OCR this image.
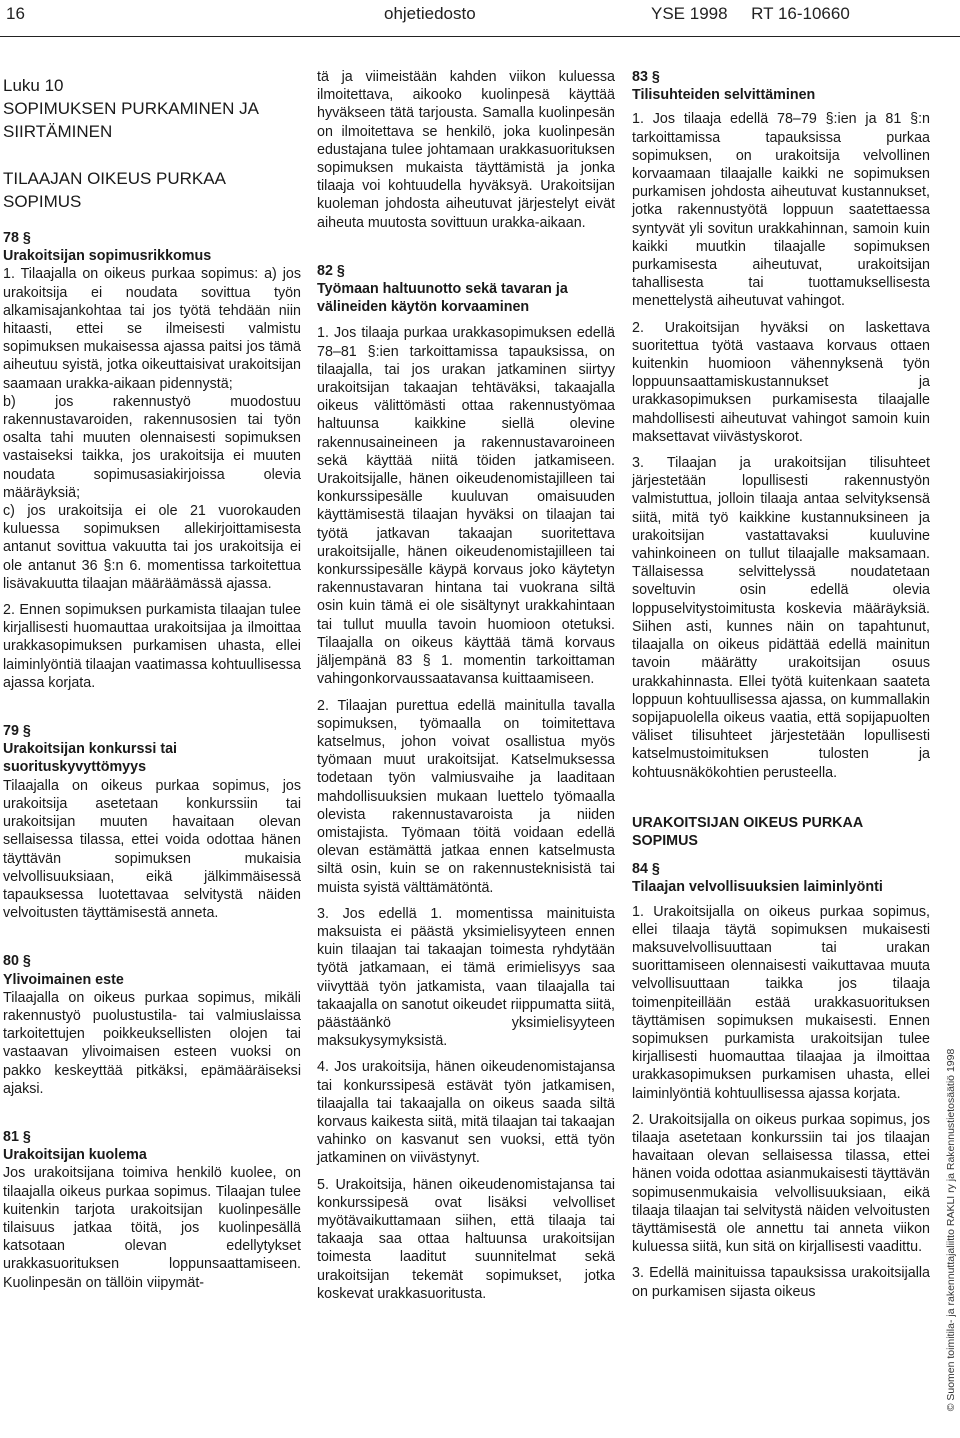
16	ohjetiedosto	YSE 1998     RT 16-10660
Luku 10
SOPIMUKSEN PURKAMINEN JA SIIRTÄMINEN
TILAAJAN OIKEUS PURKAA SOPIMUS
78 §
Urakoitsijan sopimusrikkomus

1. Tilaajalla on oikeus purkaa sopimus: a) jos urakoitsija ei noudata sovittua työn alkamisajankohtaa tai jos työtä tehdään niin hitaasti, ettei se ilmeisesti valmistu sopimuksen mukaisessa ajassa paitsi jos tämä aiheutuu syistä, jotka oikeuttaisivat urakoitsijan saamaan urakka-aikaan pidennystä;

b) jos rakennustyö muodostuu rakennustavaroiden, rakennusosien tai työn osalta tahi muuten olennaisesti sopimuksen vastaiseksi taikka, jos urakoitsija ei muuten noudata sopimusasiakirjoissa olevia määräyksiä;

c) jos urakoitsija ei ole 21 vuorokauden kuluessa sopimuksen allekirjoittamisesta antanut sovittua vakuutta tai jos urakoitsija ei ole antanut 36 §:n 6. momentissa tarkoitettua lisävakuutta tilaajan määräämässä ajassa.

2. Ennen sopimuksen purkamista tilaajan tulee kirjallisesti huomauttaa urakoitsijaa ja ilmoittaa urakkasopimuksen purkamisen uhasta, ellei laiminlyöntiä tilaajan vaatimassa kohtuullisessa ajassa korjata.

79 §
Urakoitsijan konkurssi tai suorituskyvyttömyys

Tilaajalla on oikeus purkaa sopimus, jos urakoitsija asetetaan konkurssiin tai urakoitsijan muuten havaitaan olevan sellaisessa tilassa, ettei voida odottaa hänen täyttävän sopimuksen mukaisia velvollisuuksiaan, eikä jälkimmäisessä tapauksessa luotettavaa selvitystä näiden velvoitusten täyttämisestä anneta.

80 §
Ylivoimainen este

Tilaajalla on oikeus purkaa sopimus, mikäli rakennustyö puolustustila- tai valmiuslaissa tarkoitettujen poikkeuksellisten olojen tai vastaavan ylivoimaisen esteen vuoksi on pakko keskeyttää pitkäksi, epämääräiseksi ajaksi.

81 §
Urakoitsijan kuolema

Jos urakoitsijana toimiva henkilö kuolee, on tilaajalla oikeus purkaa sopimus. Tilaajan tulee kuitenkin tarjota urakoitsijan kuolinpesälle tilaisuus jatkaa töitä, jos kuolinpesällä katsotaan olevan edellytykset urakkasuorituksen loppunsaattamiseen. Kuolinpesän on tällöin viipymät-

tä ja viimeistään kahden viikon kuluessa ilmoitettava, aikooko kuolinpesä käyttää hyväkseen tätä tarjousta. Samalla kuolinpesän on ilmoitettava se henkilö, joka kuolinpesän edustajana tulee johtamaan urakkasuorituksen sopimuksen mukaista täyttämistä ja jonka tilaaja voi kohtuudella hyväksyä. Urakoitsijan kuoleman johdosta aiheutuvat järjestelyt eivät aiheuta muutosta sovittuun urakka-aikaan.

82 §
Työmaan haltuunotto sekä tavaran ja välineiden käytön korvaaminen

1. Jos tilaaja purkaa urakkasopimuksen edellä 78–81 §:ien tarkoittamissa tapauksissa, on tilaajalla, tai jos urakan jatkaminen siirtyy urakoitsijan takaajan tehtäväksi, takaajalla oikeus välittömästi ottaa rakennustyömaa haltuunsa kaikkine siellä olevine rakennusaineineen ja rakennustavaroineen sekä käyttää niitä töiden jatkamiseen. Urakoitsijalle, hänen oikeudenomistajilleen tai konkurssipesälle kuuluvan omaisuuden käyttämisestä tilaajan hyväksi on tilaajan tai työtä jatkavan takaajan suoritettava urakoitsijalle, hänen oikeudenomistajilleen tai konkurssipesälle käypä korvaus joko käytetyn rakennustavaran hintana tai vuokrana siltä osin kuin tämä ei ole sisältynyt urakkahintaan tai tullut muulla tavoin huomioon otetuksi. Tilaajalla on oikeus käyttää tämä korvaus jäljempänä 83 § 1. momentin tarkoittaman vahingonkorvaussaatavansa kuittaamiseen.

2. Tilaajan purettua edellä mainitulla tavalla sopimuksen, työmaalla on toimitettava katselmus, johon voivat osallistua myös työmaan muut urakoitsijat. Katselmuksessa todetaan työn valmiusvaihe ja laaditaan mahdollisuuksien mukaan luettelo työmaalla olevista rakennustavaroista ja niiden omistajista. Työmaan töitä voidaan edellä olevan estämättä jatkaa ennen katselmusta siltä osin, kuin se on rakennusteknisistä tai muista syistä välttämätöntä.

3. Jos edellä 1. momentissa mainituista maksuista ei päästä yksimielisyyteen ennen kuin tilaajan tai takaajan toimesta ryhdytään työtä jatkamaan, ei tämä erimielisyys saa viivyttää työn jatkamista, vaan tilaajalla tai takaajalla on sanotut oikeudet riippumatta siitä, päästäänkö yksimielisyyteen maksukysymyksistä.

4. Jos urakoitsija, hänen oikeudenomistajansa tai konkurssipesä estävät työn jatkamisen, tilaajalla tai takaajalla on oikeus saada siltä korvaus kaikesta siitä, mitä tilaajan tai takaajan vahinko on kasvanut sen vuoksi, että työn jatkaminen on viivästynyt.

5. Urakoitsija, hänen oikeudenomistajansa tai konkurssipesä ovat lisäksi velvolliset myötävaikuttamaan siihen, että tilaaja tai takaaja saa ottaa haltuunsa urakoitsijan toimesta laaditut suunnitelmat sekä urakoitsijan tekemät sopimukset, jotka koskevat urakkasuoritusta.

83 §
Tilisuhteiden selvittäminen

1. Jos tilaaja edellä 78–79 §:ien ja 81 §:n tarkoittamissa tapauksissa purkaa sopimuksen, on urakoitsija velvollinen korvaamaan tilaajalle kaikki ne sopimuksen purkamisen johdosta aiheutuvat kustannukset, jotka rakennustyötä loppuun saatettaessa syntyvät yli sovitun urakkahinnan, samoin kuin kaikki muutkin tilaajalle sopimuksen purkamisesta aiheutuvat, urakoitsijan tahallisesta tai tuottamuksellisesta menettelystä aiheutuvat vahingot.

2. Urakoitsijan hyväksi on laskettava suoritettua työtä vastaava korvaus ottaen kuitenkin huomioon vähennyksenä työn loppuunsaattamiskustannukset ja urakkasopimuksen purkamisesta tilaajalle mahdollisesti aiheutuvat vahingot samoin kuin maksettavat viivästyskorot.

3. Tilaajan ja urakoitsijan tilisuhteet järjestetään lopullisesti rakennustyön valmistuttua, jolloin tilaaja antaa selvityksensä siitä, mitä työ kaikkine kustannuksineen ja urakoitsijan vastattavaksi kuuluvine vahinkoineen on tullut tilaajalle maksamaan. Tällaisessa selvittelyssä noudatetaan soveltuvin osin edellä olevia loppuselvitystoimitusta koskevia määräyksiä. Siihen asti, kunnes näin on tapahtunut, tilaajalla on oikeus pidättää edellä mainitun tavoin määrätty urakoitsijan osuus urakkahinnasta. Ellei työtä kuitenkaan saateta loppuun kohtuullisessa ajassa, on kummallakin sopijapuolella oikeus vaatia, että sopijapuolten väliset tilisuhteet järjestetään lopullisesti katselmustoimituksen tulosten ja kohtuusnäkökohtien perusteella.

URAKOITSIJAN OIKEUS PURKAA SOPIMUS
84 §
Tilaajan velvollisuuksien laiminlyönti

1. Urakoitsijalla on oikeus purkaa sopimus, ellei tilaaja täytä sopimuksen mukaisesti maksuvelvollisuuttaan tai urakan suorittamiseen olennaisesti vaikuttavaa muuta velvollisuuttaan taikka jos tilaaja toimenpiteillään estää urakkasuorituksen täyttämisen sopimuksen mukaisesti. Ennen sopimuksen purkamista urakoitsijan tulee kirjallisesti huomauttaa tilaajaa ja ilmoittaa urakkasopimuksen purkamisen uhasta, ellei laiminlyöntiä kohtuullisessa ajassa korjata.

2. Urakoitsijalla on oikeus purkaa sopimus, jos tilaaja asetetaan konkurssiin tai jos tilaajan havaitaan olevan sellaisessa tilassa, ettei hänen voida odottaa asianmukaisesti täyttävän sopimusenmukaisia velvollisuuksiaan, eikä tilaaja tilaajan tai selvitystä näiden velvoitusten täyttämisestä ole annettu tai anneta viikon kuluessa siitä, kun sitä on kirjallisesti vaadittu.

3. Edellä mainituissa tapauksissa urakoitsijalla on purkamisen sijasta oikeus	© Suomen toimitila- ja rakennuttajaliitto RAKLI ry ja Rakennustietosäätiö 1998
